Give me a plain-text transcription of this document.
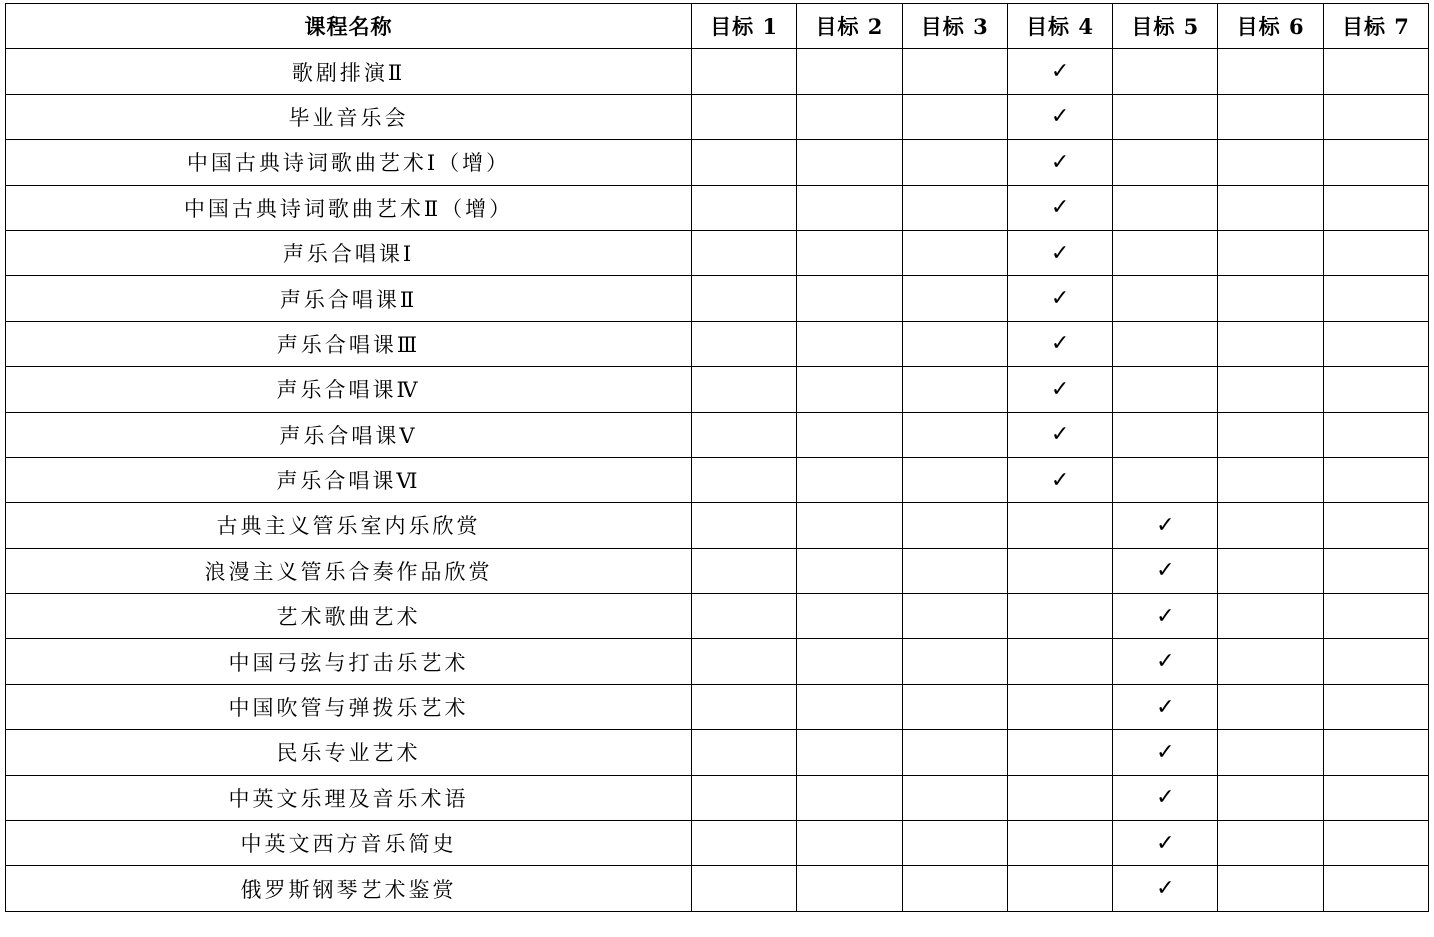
课程名称	目标 1	目标 2	目标 3	目标 4	目标 5	目标 6	目标 7
歌剧排演Ⅱ				✓			
毕业音乐会				✓			
中国古典诗词歌曲艺术Ⅰ（增）				✓			
中国古典诗词歌曲艺术Ⅱ（增）				✓			
声乐合唱课Ⅰ				✓			
声乐合唱课Ⅱ				✓			
声乐合唱课Ⅲ				✓			
声乐合唱课Ⅳ				✓			
声乐合唱课Ⅴ				✓			
声乐合唱课Ⅵ				✓			
古典主义管乐室内乐欣赏					✓		
浪漫主义管乐合奏作品欣赏					✓		
艺术歌曲艺术					✓		
中国弓弦与打击乐艺术					✓		
中国吹管与弹拨乐艺术					✓		
民乐专业艺术					✓		
中英文乐理及音乐术语					✓		
中英文西方音乐简史					✓		
俄罗斯钢琴艺术鉴赏					✓		
